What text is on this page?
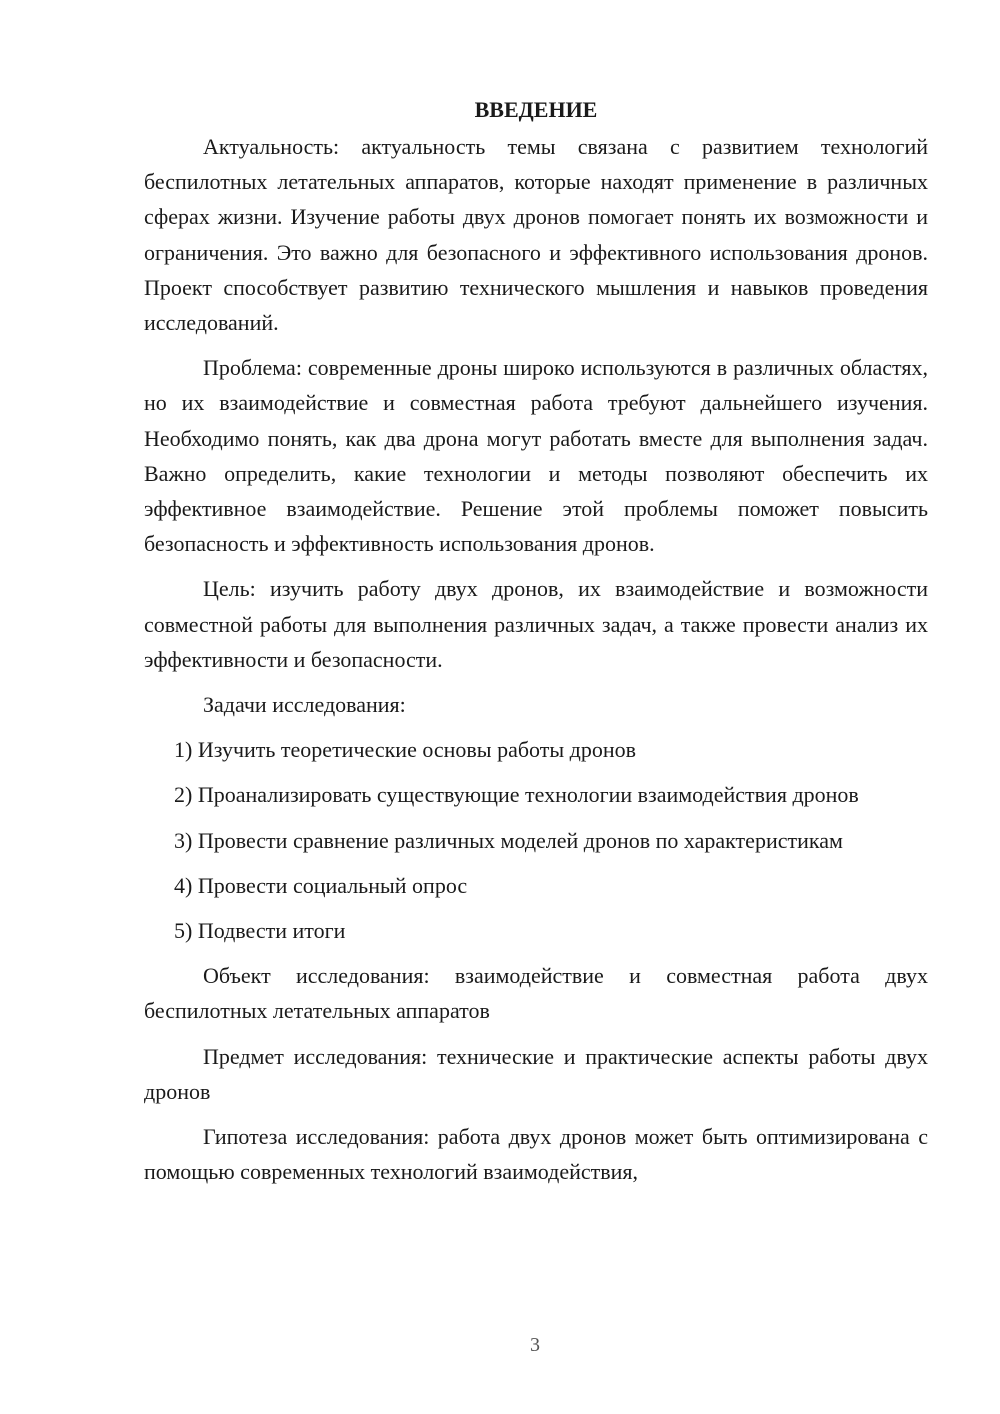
ВВЕДЕНИЕ

Актуальность: актуальность темы связана с развитием технологий беспилотных летательных аппаратов, которые находят применение в различных сферах жизни. Изучение работы двух дронов помогает понять их возможности и ограничения. Это важно для безопасного и эффективного использования дронов. Проект способствует развитию технического мышления и навыков проведения исследований.

Проблема: современные дроны широко используются в различных областях, но их взаимодействие и совместная работа требуют дальнейшего изучения. Необходимо понять, как два дрона могут работать вместе для выполнения задач. Важно определить, какие технологии и методы позволяют обеспечить их эффективное взаимодействие. Решение этой проблемы поможет повысить безопасность и эффективность использования дронов.

Цель: изучить работу двух дронов, их взаимодействие и возможности совместной работы для выполнения различных задач, а также провести анализ их эффективности и безопасности.

Задачи исследования:

1) Изучить теоретические основы работы дронов

2) Проанализировать существующие технологии взаимодействия дронов

3) Провести сравнение различных моделей дронов по характеристикам

4) Провести социальный опрос

5) Подвести итоги

Объект исследования: взаимодействие и совместная работа двух беспилотных летательных аппаратов

Предмет исследования: технические и практические аспекты работы двух дронов

Гипотеза исследования: работа двух дронов может быть оптимизирована с помощью современных технологий взаимодействия,

3
